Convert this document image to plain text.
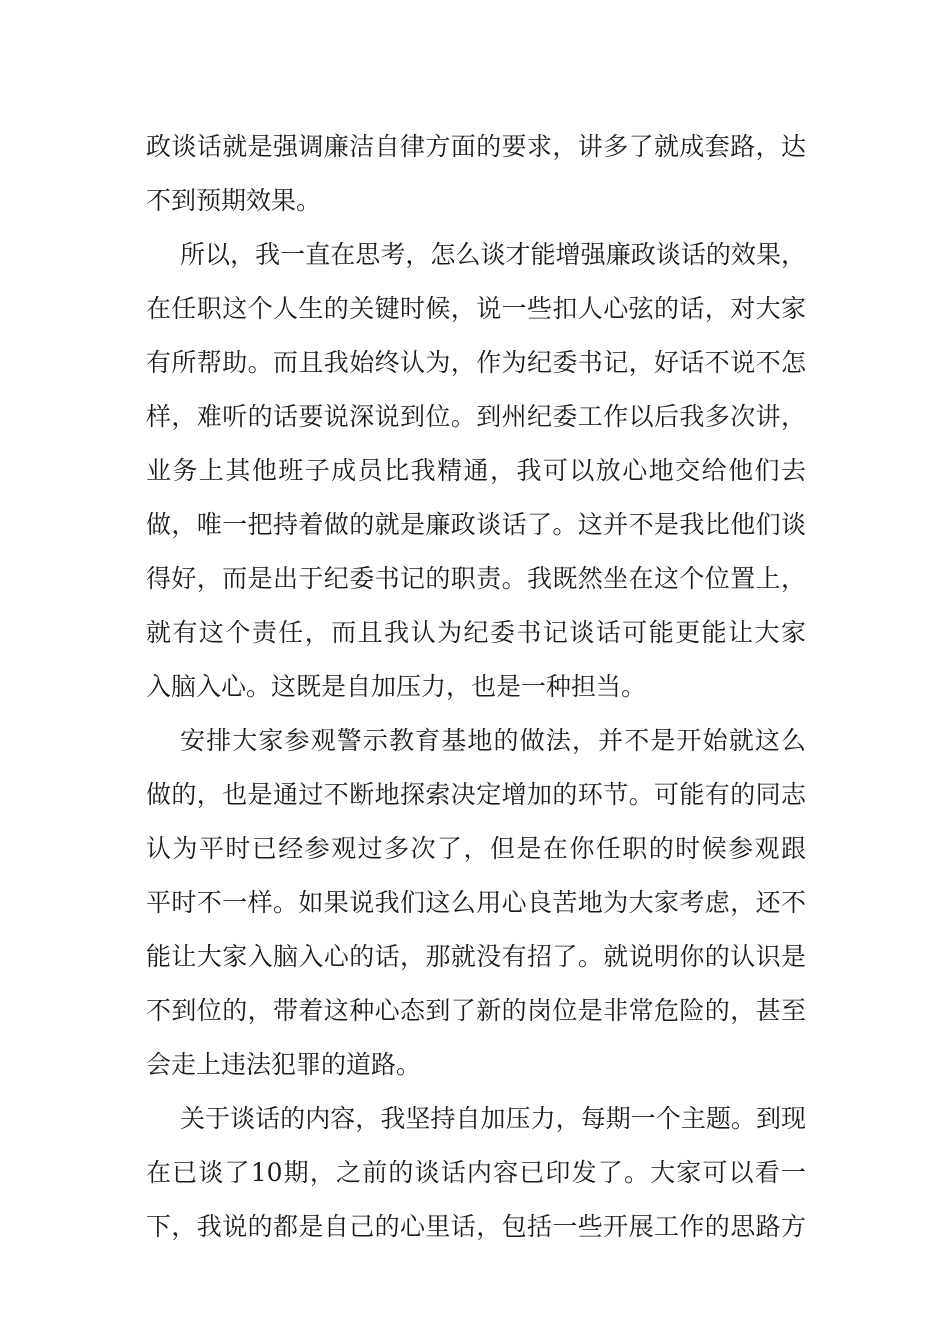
政谈话就是强调廉洁自律方面的要求，讲多了就成套路，达
不到预期效果。
所以，我一直在思考，怎么谈才能增强廉政谈话的效果，
在任职这个人生的关键时候，说一些扣人心弦的话，对大家
有所帮助。而且我始终认为，作为纪委书记，好话不说不怎
样，难听的话要说深说到位。到州纪委工作以后我多次讲，
业务上其他班子成员比我精通，我可以放心地交给他们去
做，唯一把持着做的就是廉政谈话了。这并不是我比他们谈
得好，而是出于纪委书记的职责。我既然坐在这个位置上，
就有这个责任，而且我认为纪委书记谈话可能更能让大家
入脑入心。这既是自加压力，也是一种担当。
安排大家参观警示教育基地的做法，并不是开始就这么
做的，也是通过不断地探索决定增加的环节。可能有的同志
认为平时已经参观过多次了，但是在你任职的时候参观跟
平时不一样。如果说我们这么用心良苦地为大家考虑，还不
能让大家入脑入心的话，那就没有招了。就说明你的认识是
不到位的，带着这种心态到了新的岗位是非常危险的，甚至
会走上违法犯罪的道路。
关于谈话的内容，我坚持自加压力，每期一个主题。到现
在已谈了10期，之前的谈话内容已印发了。大家可以看一
下，我说的都是自己的心里话，包括一些开展工作的思路方
